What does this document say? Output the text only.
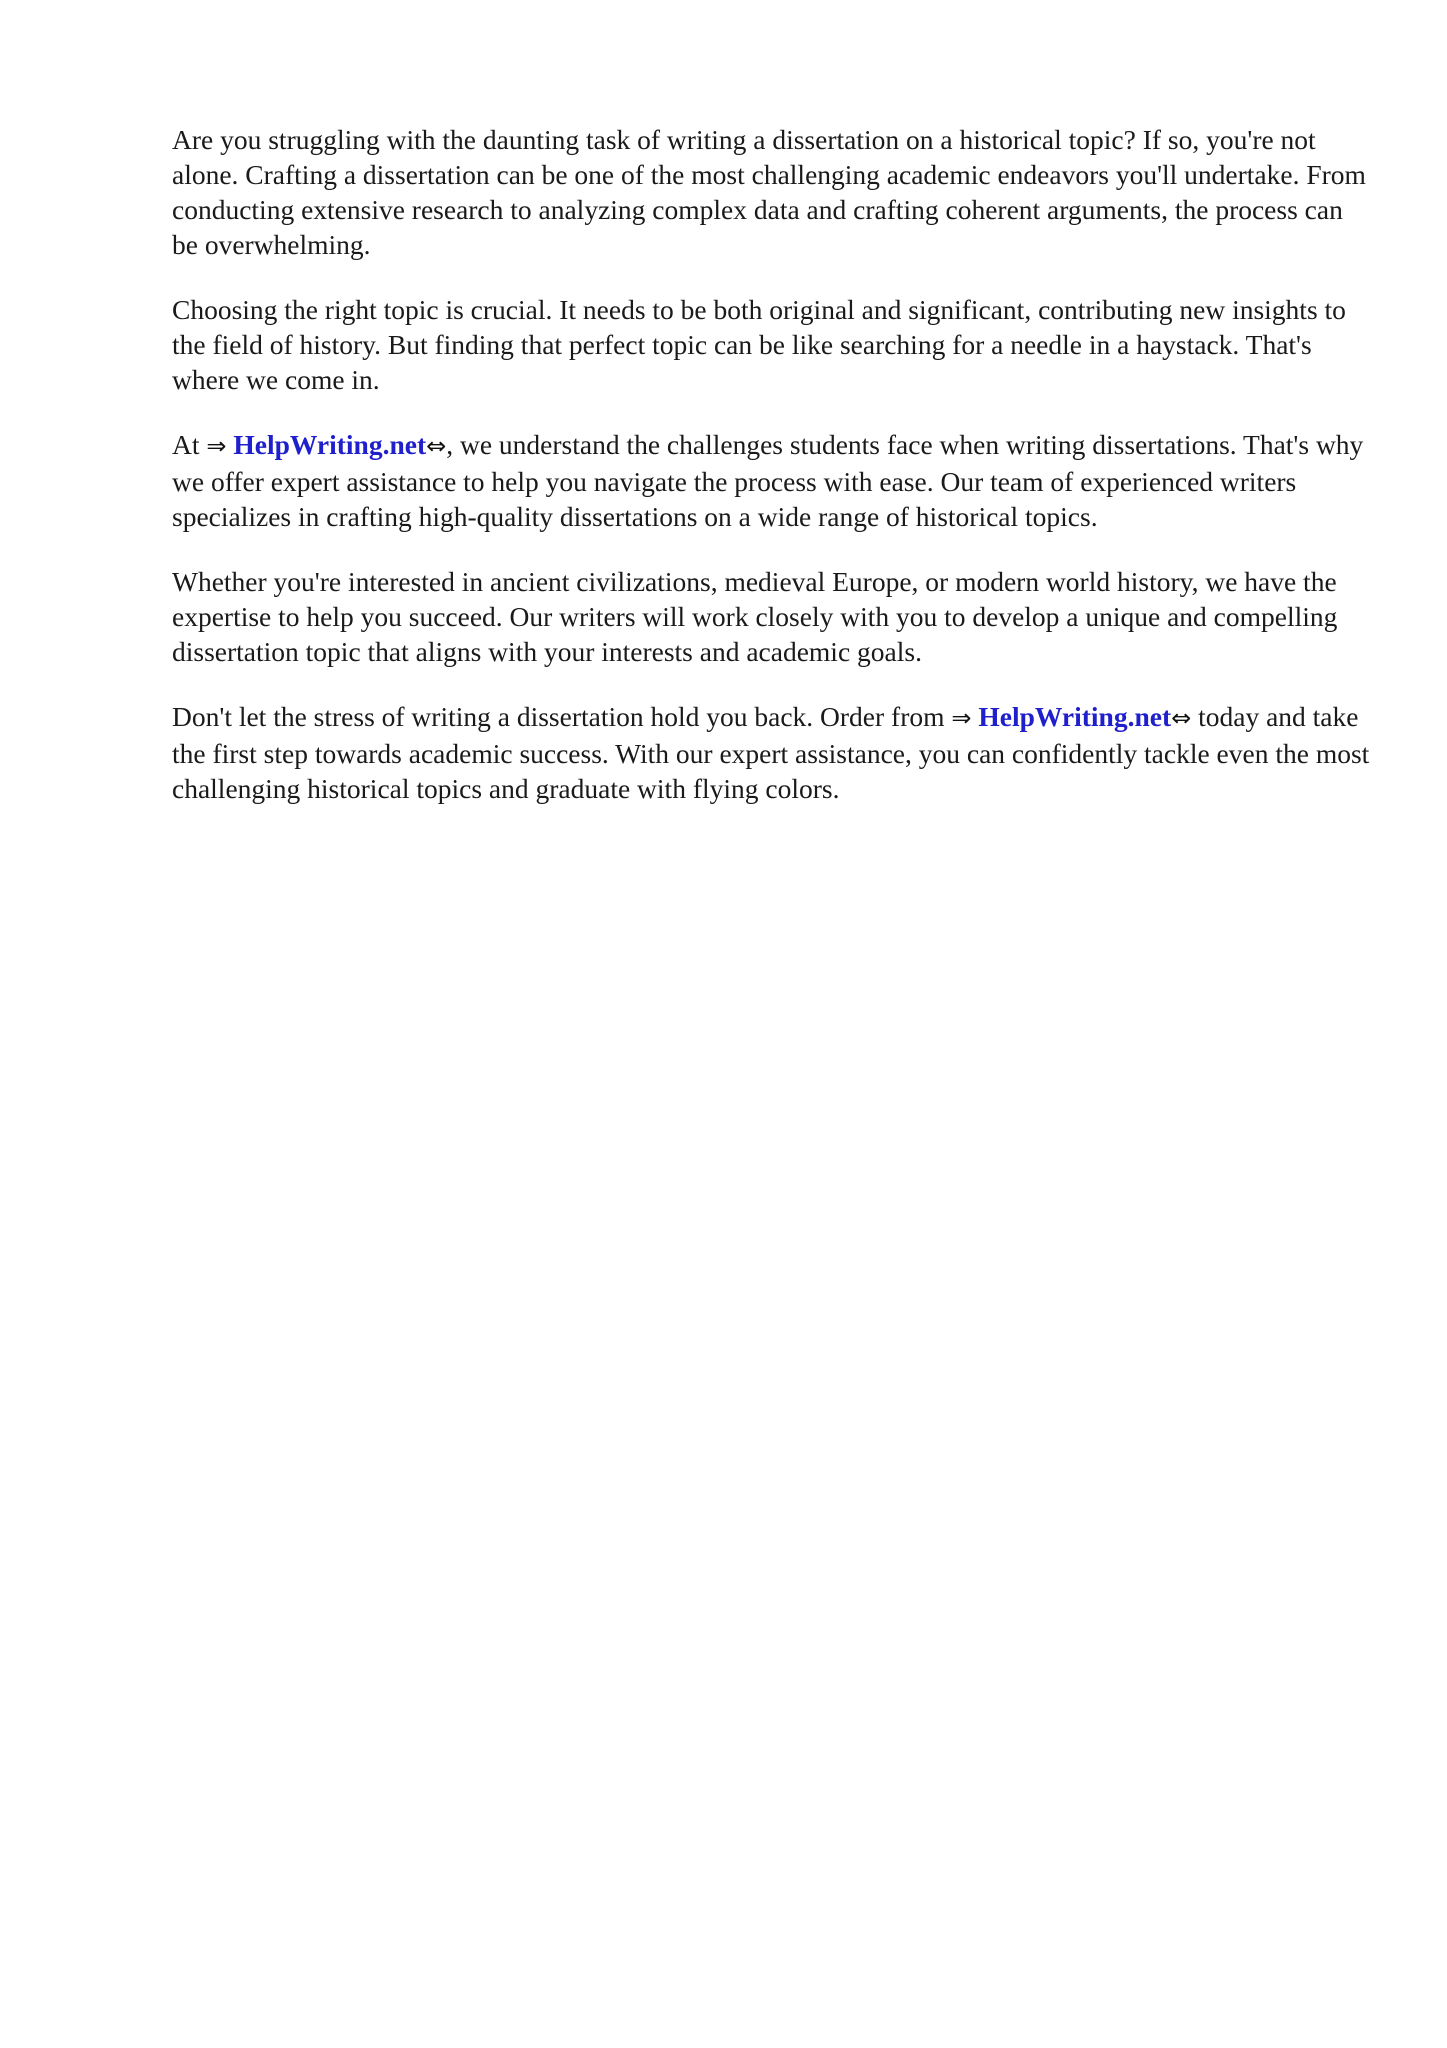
Are you struggling with the daunting task of writing a dissertation on a historical topic? If so, you're not alone. Crafting a dissertation can be one of the most challenging academic endeavors you'll undertake. From conducting extensive research to analyzing complex data and crafting coherent arguments, the process can be overwhelming.

Choosing the right topic is crucial. It needs to be both original and significant, contributing new insights to the field of history. But finding that perfect topic can be like searching for a needle in a haystack. That's where we come in.

At ⇒ HelpWriting.net⇔, we understand the challenges students face when writing dissertations. That's why we offer expert assistance to help you navigate the process with ease. Our team of experienced writers specializes in crafting high-quality dissertations on a wide range of historical topics.

Whether you're interested in ancient civilizations, medieval Europe, or modern world history, we have the expertise to help you succeed. Our writers will work closely with you to develop a unique and compelling dissertation topic that aligns with your interests and academic goals.

Don't let the stress of writing a dissertation hold you back. Order from ⇒ HelpWriting.net⇔ today and take the first step towards academic success. With our expert assistance, you can confidently tackle even the most challenging historical topics and graduate with flying colors.
